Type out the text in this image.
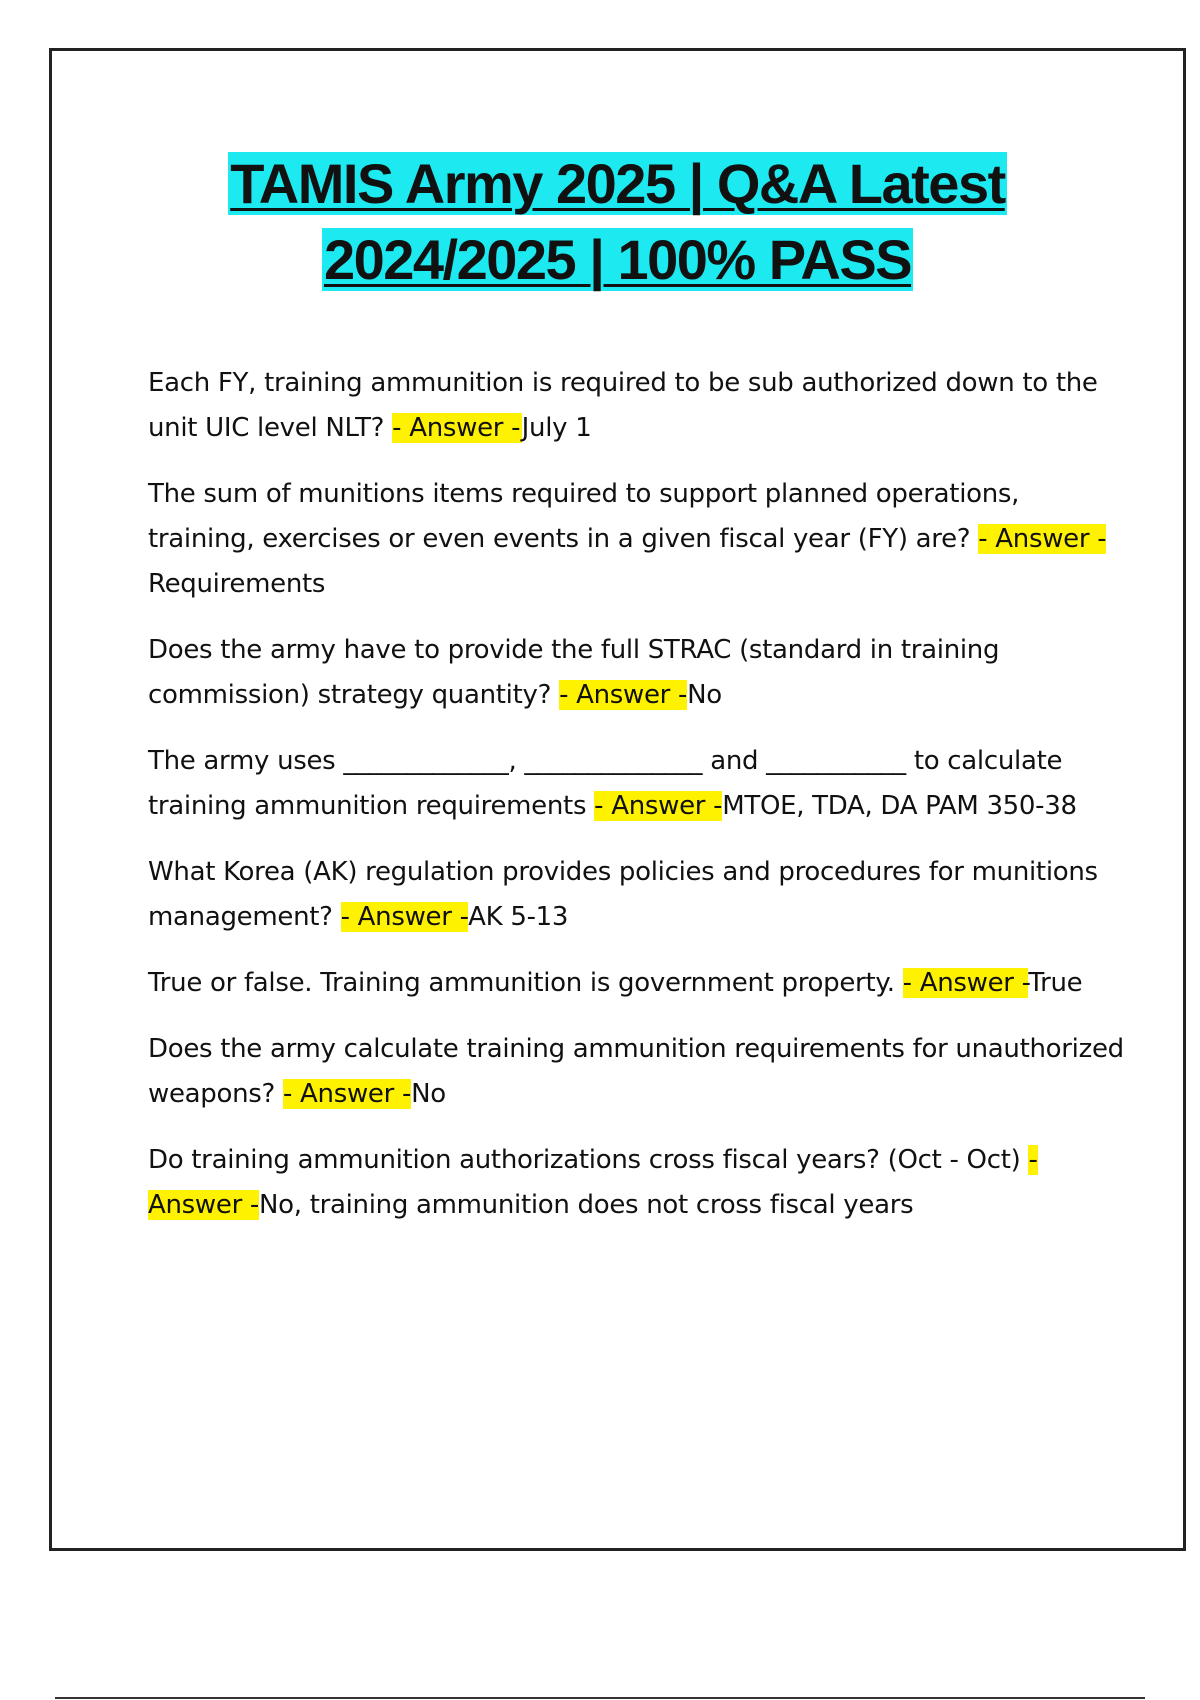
TAMIS Army 2025 | Q&A Latest
2024/2025 | 100% PASS

Each FY, training ammunition is required to be sub authorized down to the unit UIC level NLT? - Answer -July 1

The sum of munitions items required to support planned operations, training, exercises or even events in a given fiscal year (FY) are? - Answer -Requirements

Does the army have to provide the full STRAC (standard in training commission) strategy quantity? - Answer -No

The army uses _____________, ______________ and ___________ to calculate training ammunition requirements - Answer -MTOE, TDA, DA PAM 350-38

What Korea (AK) regulation provides policies and procedures for munitions management? - Answer -AK 5-13

True or false. Training ammunition is government property. - Answer -True

Does the army calculate training ammunition requirements for unauthorized weapons? - Answer -No

Do training ammunition authorizations cross fiscal years? (Oct - Oct) - Answer -No, training ammunition does not cross fiscal years
